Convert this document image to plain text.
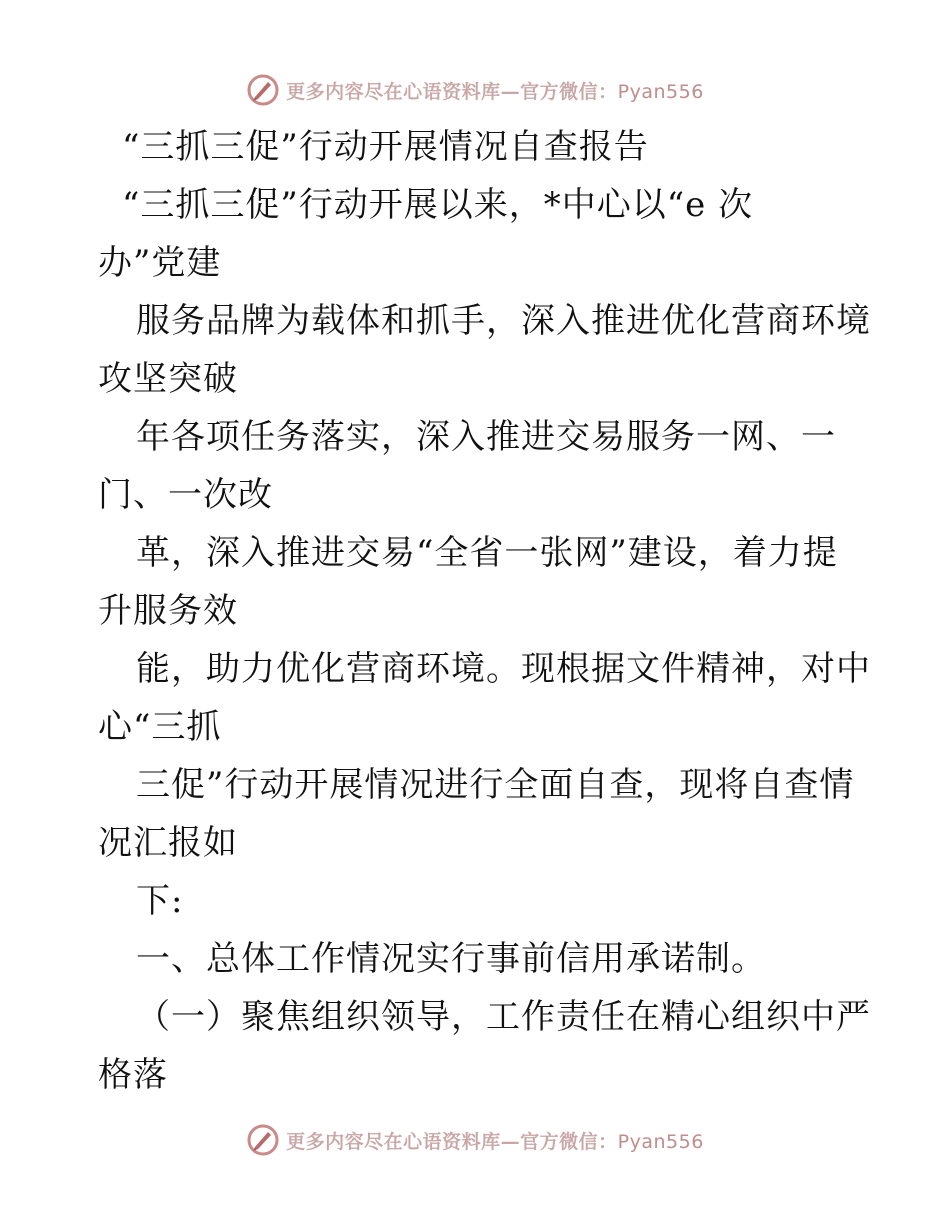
更多内容尽在心语资料库—官方微信：Pyan556
“三抓三促”行动开展情况自查报告
“三抓三促”行动开展以来，*中心以“e 次
办”党建
服务品牌为载体和抓手，深入推进优化营商环境
攻坚突破
年各项任务落实，深入推进交易服务一网、一
门、一次改
革，深入推进交易“全省一张网”建设，着力提
升服务效
能，助力优化营商环境。现根据文件精神，对中
心“三抓
三促”行动开展情况进行全面自查，现将自查情
况汇报如
下:
一、总体工作情况实行事前信用承诺制。
（一）聚焦组织领导，工作责任在精心组织中严
格落
更多内容尽在心语资料库—官方微信：Pyan556
